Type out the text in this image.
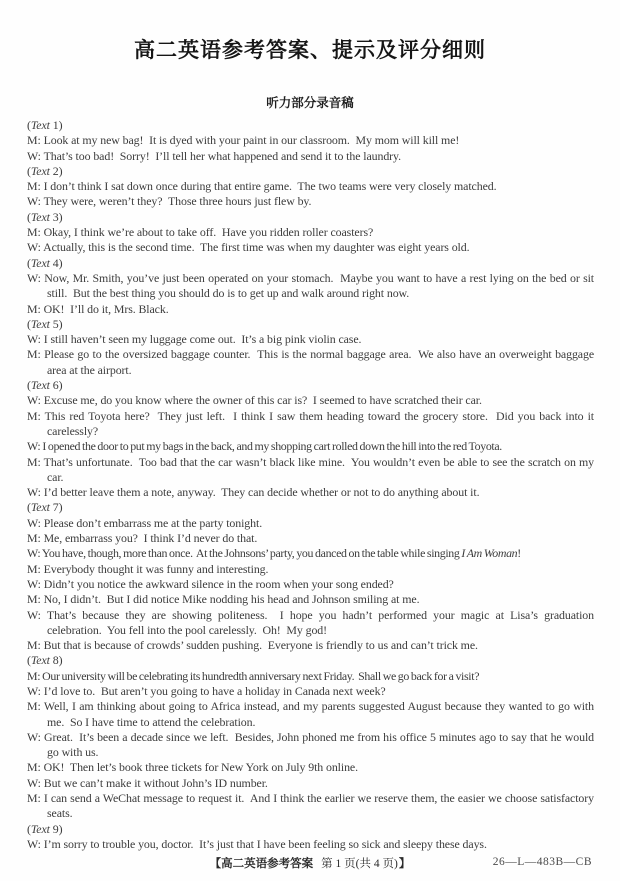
高二英语参考答案、提示及评分细则
听力部分录音稿
(Text 1)
M: Look at my new bag!  It is dyed with your paint in our classroom.  My mom will kill me!
W: That’s too bad!  Sorry!  I’ll tell her what happened and send it to the laundry.
(Text 2)
M: I don’t think I sat down once during that entire game.  The two teams were very closely matched.
W: They were, weren’t they?  Those three hours just flew by.
(Text 3)
M: Okay, I think we’re about to take off.  Have you ridden roller coasters?
W: Actually, this is the second time.  The first time was when my daughter was eight years old.
(Text 4)
W: Now, Mr. Smith, you’ve just been operated on your stomach.  Maybe you want to have a rest lying on the bed or sit still.  But the best thing you should do is to get up and walk around right now.
M: OK!  I’ll do it, Mrs. Black.
(Text 5)
W: I still haven’t seen my luggage come out.  It’s a big pink violin case.
M: Please go to the oversized baggage counter.  This is the normal baggage area.  We also have an overweight baggage area at the airport.
(Text 6)
W: Excuse me, do you know where the owner of this car is?  I seemed to have scratched their car.
M: This red Toyota here?  They just left.  I think I saw them heading toward the grocery store.  Did you back into it carelessly?
W: I opened the door to put my bags in the back, and my shopping cart rolled down the hill into the red Toyota.
M: That’s unfortunate.  Too bad that the car wasn’t black like mine.  You wouldn’t even be able to see the scratch on my car.
W: I’d better leave them a note, anyway.  They can decide whether or not to do anything about it.
(Text 7)
W: Please don’t embarrass me at the party tonight.
M: Me, embarrass you?  I think I’d never do that.
W: You have, though, more than once.  At the Johnsons’ party, you danced on the table while singing I Am Woman!
M: Everybody thought it was funny and interesting.
W: Didn’t you notice the awkward silence in the room when your song ended?
M: No, I didn’t.  But I did notice Mike nodding his head and Johnson smiling at me.
W: That’s because they are showing politeness.  I hope you hadn’t performed your magic at Lisa’s graduation celebration.  You fell into the pool carelessly.  Oh!  My god!
M: But that is because of crowds’ sudden pushing.  Everyone is friendly to us and can’t trick me.
(Text 8)
M: Our university will be celebrating its hundredth anniversary next Friday.  Shall we go back for a visit?
W: I’d love to.  But aren’t you going to have a holiday in Canada next week?
M: Well, I am thinking about going to Africa instead, and my parents suggested August because they wanted to go with me.  So I have time to attend the celebration.
W: Great.  It’s been a decade since we left.  Besides, John phoned me from his office 5 minutes ago to say that he would go with us.
M: OK!  Then let’s book three tickets for New York on July 9th online.
W: But we can’t make it without John’s ID number.
M: I can send a WeChat message to request it.  And I think the earlier we reserve them, the easier we choose satisfactory seats.
(Text 9)
W: I’m sorry to trouble you, doctor.  It’s just that I have been feeling so sick and sleepy these days.
【高二英语参考答案 第 1 页(共 4 页)】	26—L—483B—CB
